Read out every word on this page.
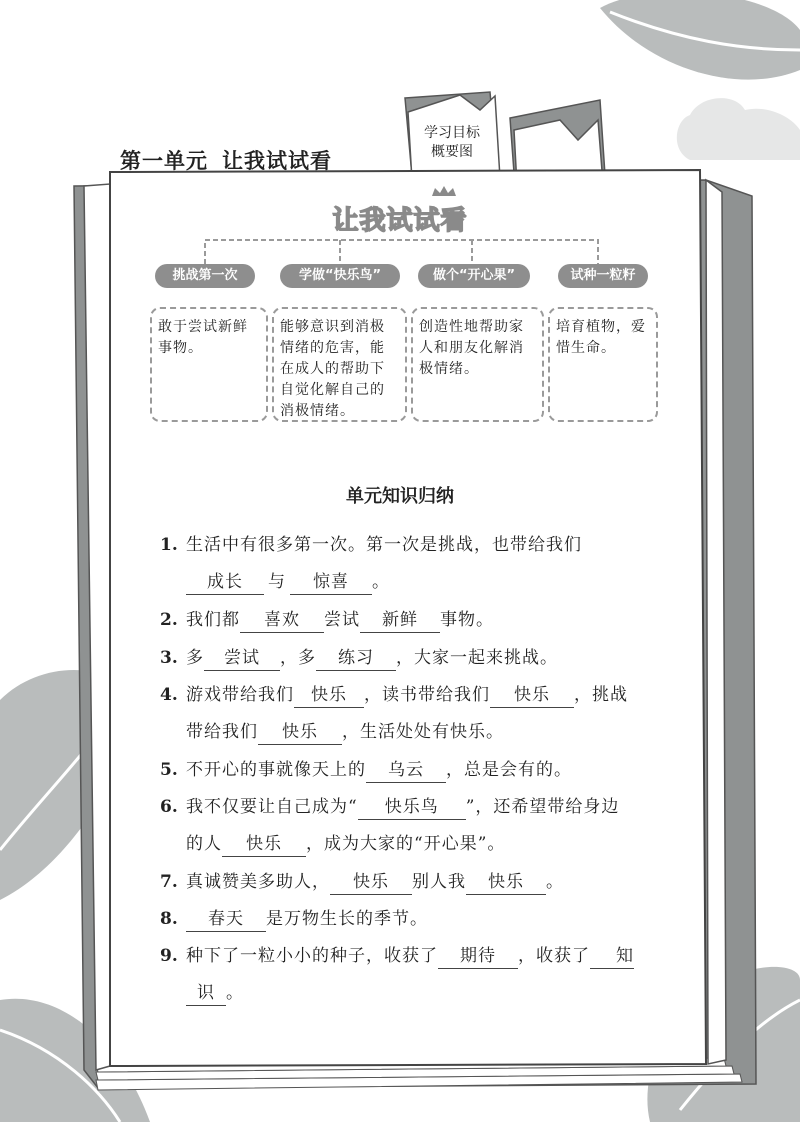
第一单元 让我试试看
学习目标
概要图
让我试试看
挑战第一次	学做“快乐鸟”	做个“开心果”	试种一粒籽
敢于尝试新鲜事物。
能够意识到消极情绪的危害，能在成人的帮助下自觉化解自己的消极情绪。
创造性地帮助家人和朋友化解消极情绪。
培育植物，爱惜生命。
单元知识归纳
1. 生活中有很多第一次。第一次是挑战，也带给我们
成长 与 惊喜 。
2. 我们都 喜欢 尝试 新鲜 事物。
3. 多 尝试 ，多 练习 ，大家一起来挑战。
4. 游戏带给我们 快乐 ，读书带给我们 快乐 ，挑战
带给我们 快乐 ，生活处处有快乐。
5. 不开心的事就像天上的 乌云 ，总是会有的。
6. 我不仅要让自己成为“ 快乐鸟 ”，还希望带给身边
的人 快乐 ，成为大家的“开心果”。
7. 真诚赞美多助人， 快乐 别人我 快乐 。
8. 春天 是万物生长的季节。
9. 种下了一粒小小的种子，收获了 期待 ，收获了 知
识 。
